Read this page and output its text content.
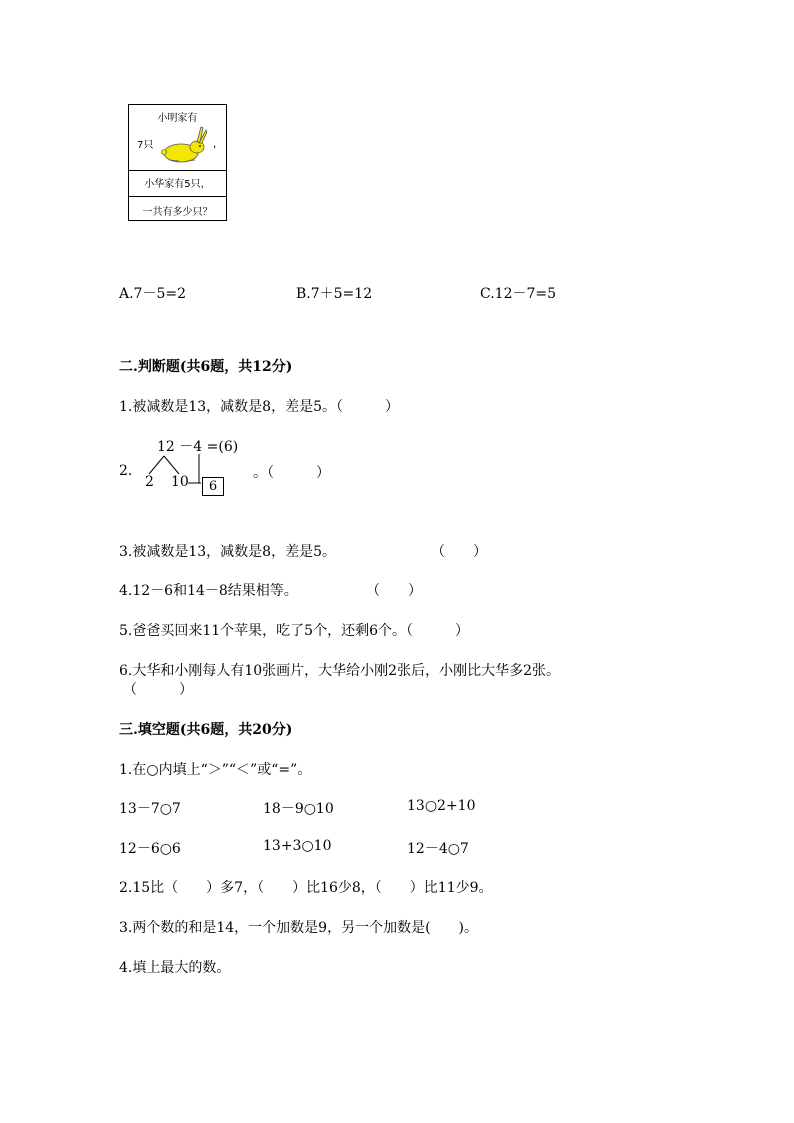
小明家有
7只	，
小华家有5只，
一共有多少只？
A.7－5=2	B.7＋5=12	C.12－7=5
二.判断题(共6题，共12分)
1.被减数是13，减数是8，差是5。（　　　）
2.
12 －4 =(6)
2 10	6
。（　　　）
3.被减数是13，减数是8，差是5。	（　　）
4.12－6和14－8结果相等。	（　　）
5.爸爸买回来11个苹果，吃了5个，还剩6个。（　　　）
6.大华和小刚每人有10张画片，大华给小刚2张后，小刚比大华多2张。
（　　　）
三.填空题(共6题，共20分)
1.在○内填上“＞”“＜”或“=”。
13－7○7	18－9○10	13○2+10
12－6○6	13+3○10	12－4○7
2.15比（　　）多7，（　　）比16少8，（　　）比11少9。
3.两个数的和是14，一个加数是9，另一个加数是(　　)。
4.填上最大的数。
